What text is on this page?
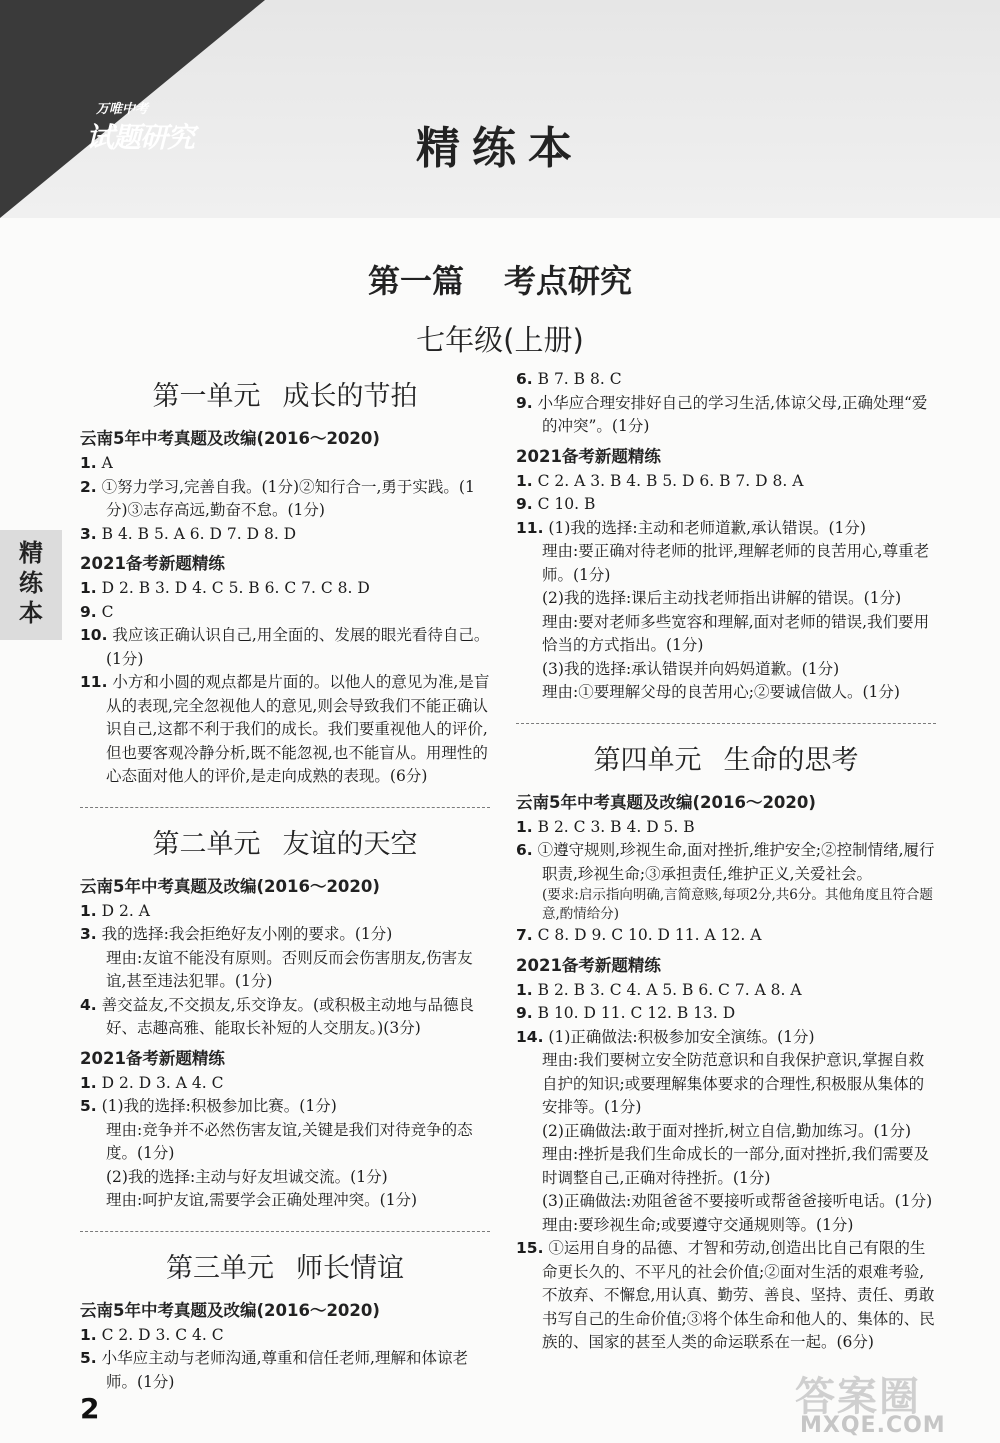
万唯中考
试题研究	精练本
第一篇 考点研究
七年级(上册)
精
练
本
第一单元 成长的节拍
云南5年中考真题及改编(2016～2020)
1. A
2. ①努力学习,完善自我。(1分)②知行合一,勇于实践。(1分)③志存高远,勤奋不怠。(1分)
3. B 4. B 5. A 6. D 7. D 8. D
2021备考新题精练
1. D 2. B 3. D 4. C 5. B 6. C 7. C 8. D
9. C
10. 我应该正确认识自己,用全面的、发展的眼光看待自己。(1分)
11. 小方和小圆的观点都是片面的。以他人的意见为准,是盲从的表现,完全忽视他人的意见,则会导致我们不能正确认识自己,这都不利于我们的成长。我们要重视他人的评价,但也要客观冷静分析,既不能忽视,也不能盲从。用理性的心态面对他人的评价,是走向成熟的表现。(6分)
第二单元 友谊的天空
云南5年中考真题及改编(2016～2020)
1. D 2. A
3. 我的选择:我会拒绝好友小刚的要求。(1分)
理由:友谊不能没有原则。否则反而会伤害朋友,伤害友谊,甚至违法犯罪。(1分)
4. 善交益友,不交损友,乐交诤友。(或积极主动地与品德良好、志趣高雅、能取长补短的人交朋友。)(3分)
2021备考新题精练
1. D 2. D 3. A 4. C
5. (1)我的选择:积极参加比赛。(1分)
理由:竞争并不必然伤害友谊,关键是我们对待竞争的态度。(1分)
(2)我的选择:主动与好友坦诚交流。(1分)
理由:呵护友谊,需要学会正确处理冲突。(1分)
第三单元 师长情谊
云南5年中考真题及改编(2016～2020)
1. C 2. D 3. C 4. C
5. 小华应主动与老师沟通,尊重和信任老师,理解和体谅老师。(1分)
6. B 7. B 8. C
9. 小华应合理安排好自己的学习生活,体谅父母,正确处理“爱的冲突”。(1分)
2021备考新题精练
1. C 2. A 3. B 4. B 5. D 6. B 7. D 8. A
9. C 10. B
11. (1)我的选择:主动和老师道歉,承认错误。(1分)
理由:要正确对待老师的批评,理解老师的良苦用心,尊重老师。(1分)
(2)我的选择:课后主动找老师指出讲解的错误。(1分)
理由:要对老师多些宽容和理解,面对老师的错误,我们要用恰当的方式指出。(1分)
(3)我的选择:承认错误并向妈妈道歉。(1分)
理由:①要理解父母的良苦用心;②要诚信做人。(1分)
第四单元 生命的思考
云南5年中考真题及改编(2016～2020)
1. B 2. C 3. B 4. D 5. B
6. ①遵守规则,珍视生命,面对挫折,维护安全;②控制情绪,履行职责,珍视生命;③承担责任,维护正义,关爱社会。
(要求:启示指向明确,言简意赅,每项2分,共6分。其他角度且符合题意,酌情给分)
7. C 8. D 9. C 10. D 11. A 12. A
2021备考新题精练
1. B 2. B 3. C 4. A 5. B 6. C 7. A 8. A
9. B 10. D 11. C 12. B 13. D
14. (1)正确做法:积极参加安全演练。(1分)
理由:我们要树立安全防范意识和自我保护意识,掌握自救自护的知识;或要理解集体要求的合理性,积极服从集体的安排等。(1分)
(2)正确做法:敢于面对挫折,树立自信,勤加练习。(1分)
理由:挫折是我们生命成长的一部分,面对挫折,我们需要及时调整自己,正确对待挫折。(1分)
(3)正确做法:劝阻爸爸不要接听或帮爸爸接听电话。(1分)
理由:要珍视生命;或要遵守交通规则等。(1分)
15. ①运用自身的品德、才智和劳动,创造出比自己有限的生命更长久的、不平凡的社会价值;②面对生活的艰难考验,不放弃、不懈怠,用认真、勤劳、善良、坚持、责任、勇敢书写自己的生命价值;③将个体生命和他人的、集体的、民族的、国家的甚至人类的命运联系在一起。(6分)
2	答案圈
MXQE.COM
